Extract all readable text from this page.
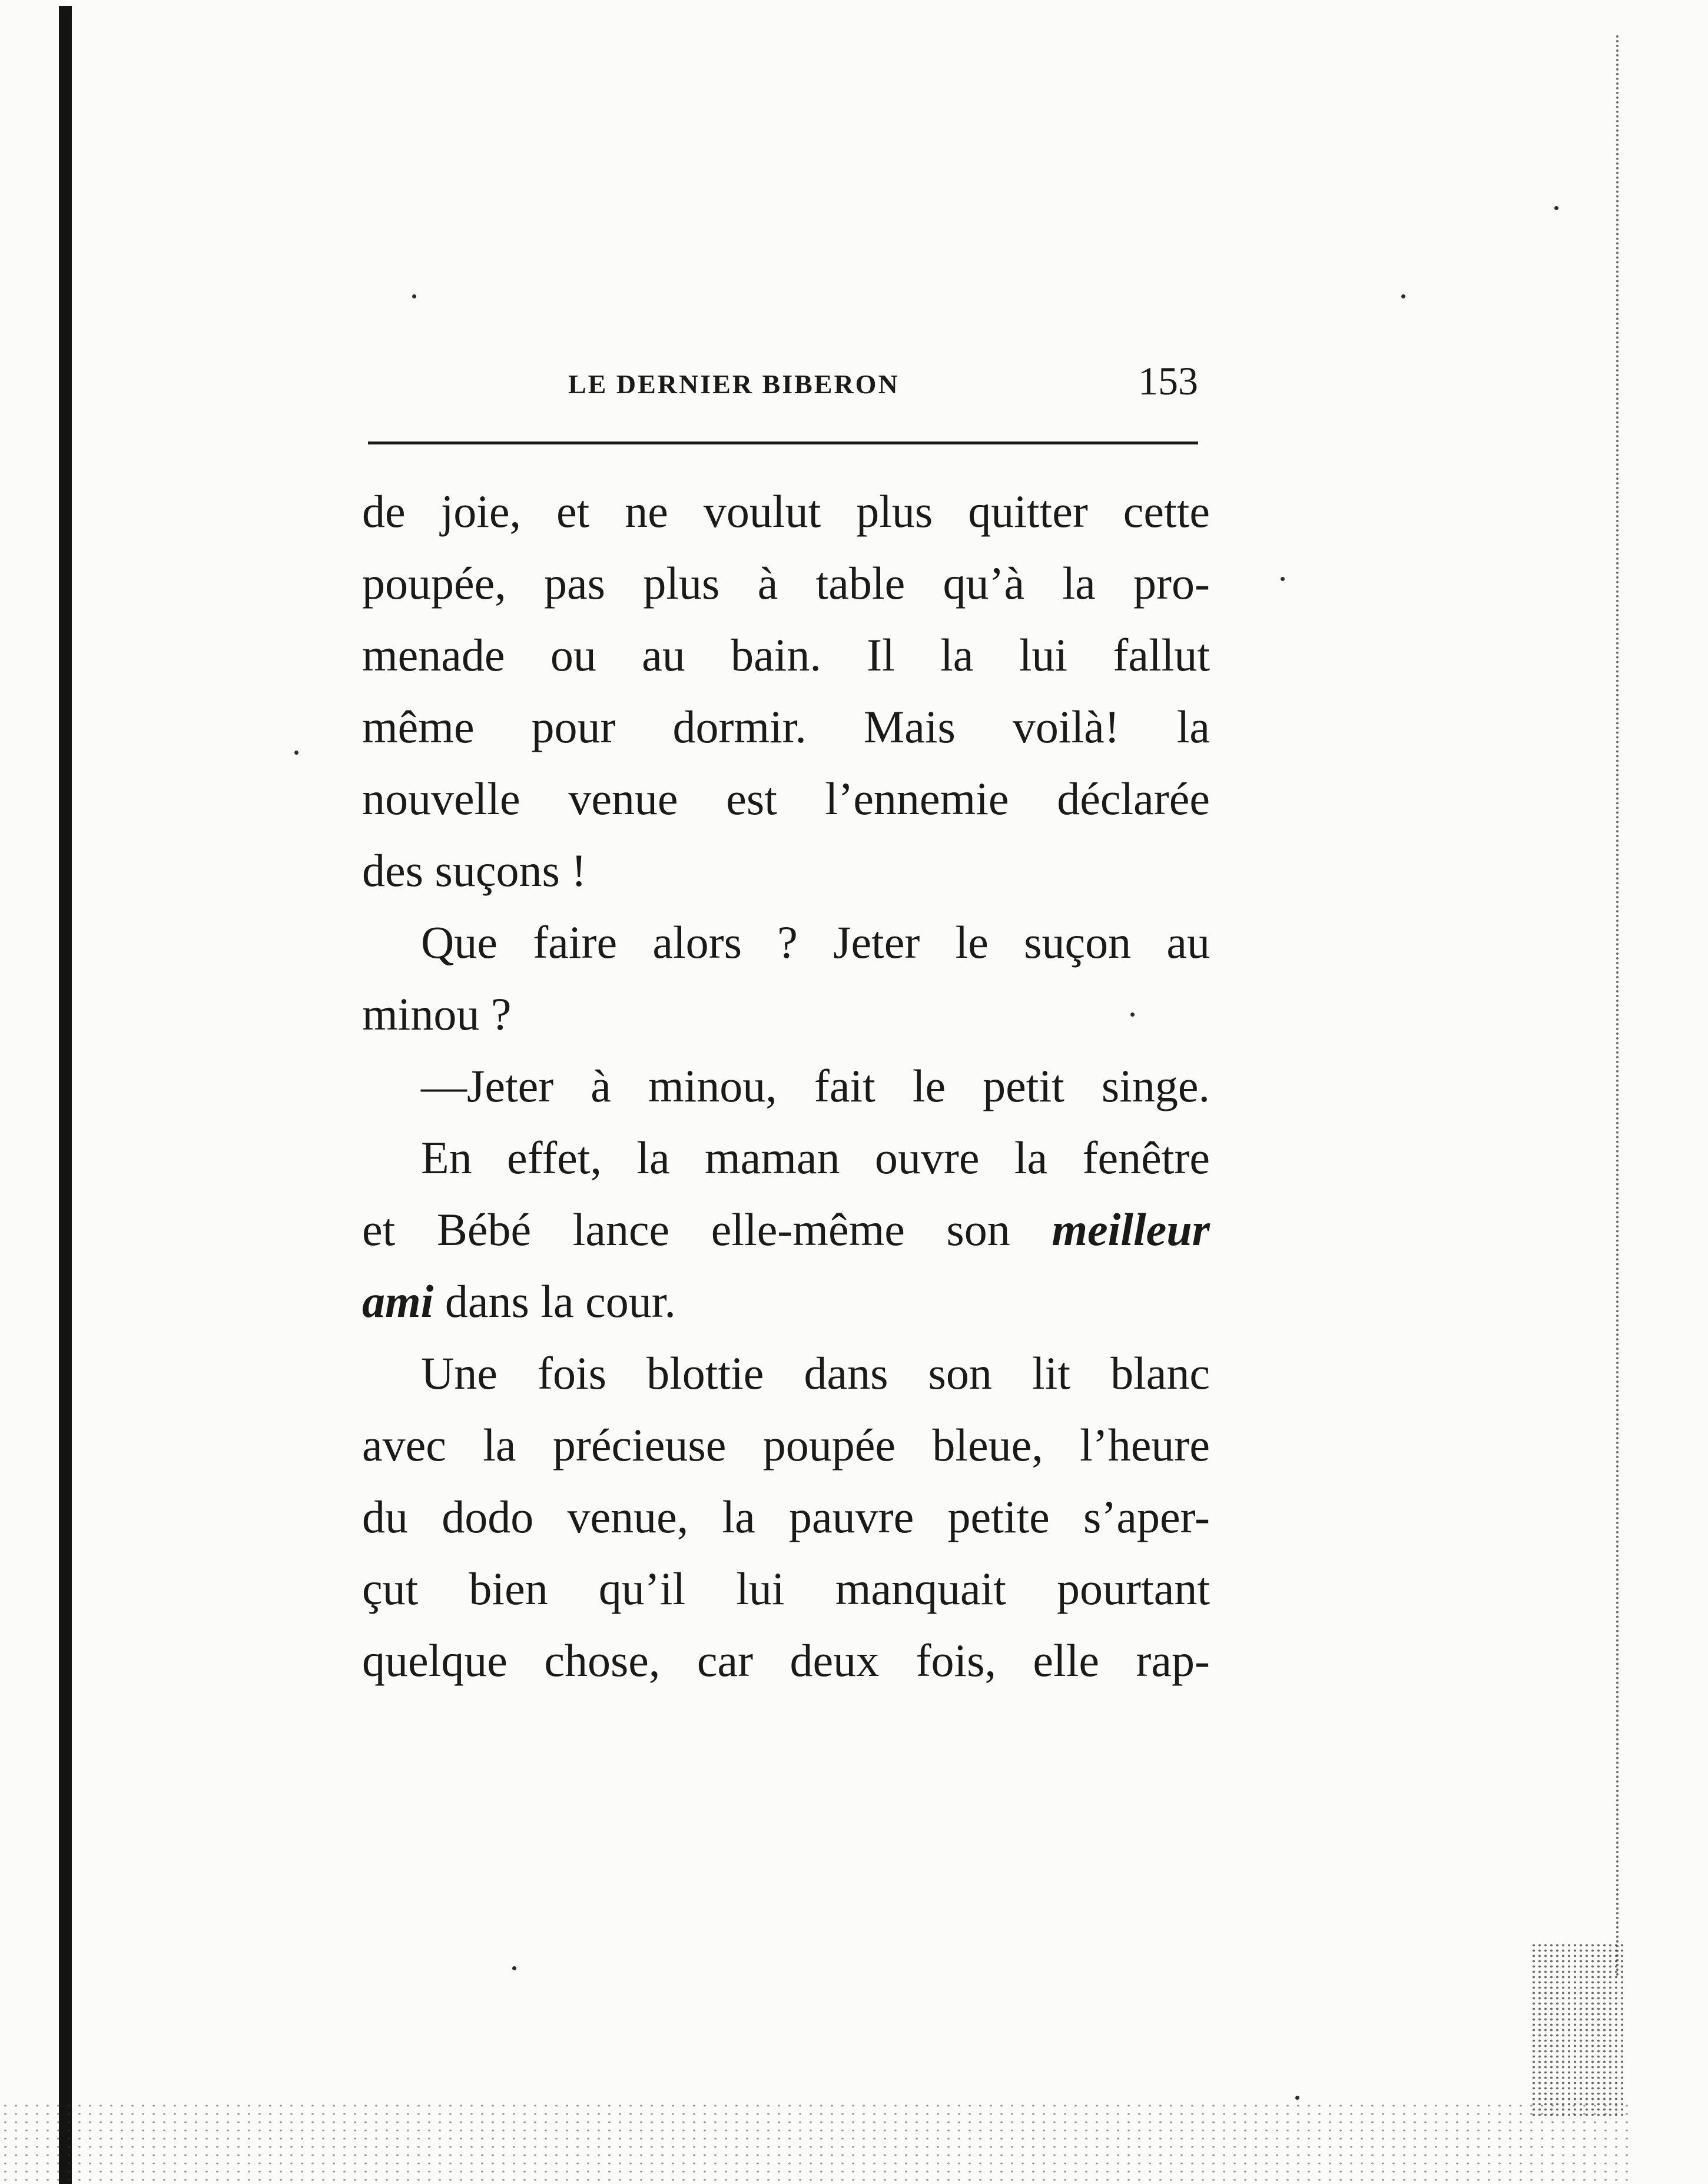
LE DERNIER BIBERON	153
de joie, et ne voulut plus quitter cette
poupée, pas plus à table qu’à la pro-
menade ou au bain. Il la lui fallut
même pour dormir. Mais voilà! la
nouvelle venue est l’ennemie déclarée
des suçons !
Que faire alors ? Jeter le suçon au
minou ?
—Jeter à minou, fait le petit singe.
En effet, la maman ouvre la fenêtre
et Bébé lance elle-même son meilleur
ami dans la cour.
Une fois blottie dans son lit blanc
avec la précieuse poupée bleue, l’heure
du dodo venue, la pauvre petite s’aper-
çut bien qu’il lui manquait pourtant
quelque chose, car deux fois, elle rap-
